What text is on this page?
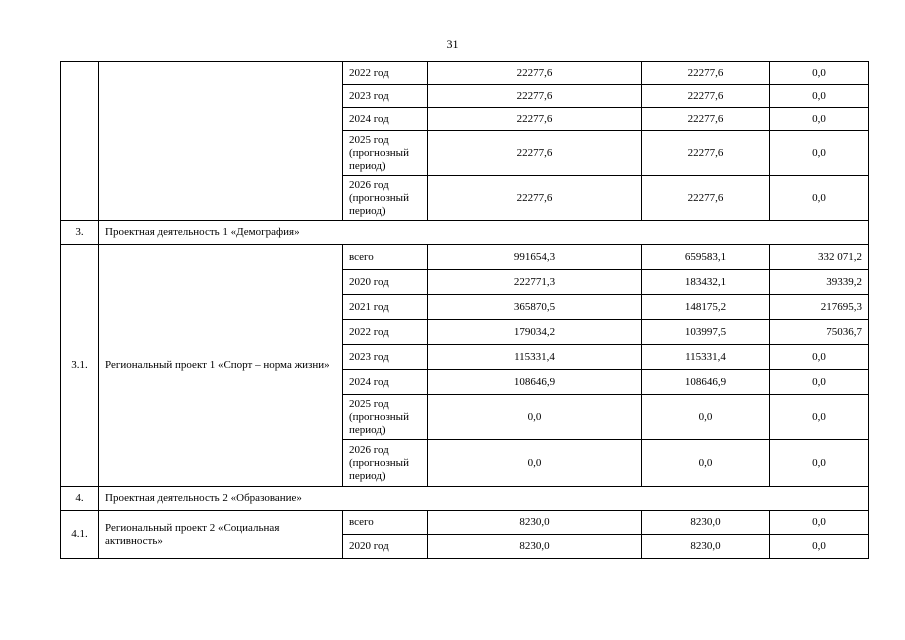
31
		2022 год	22277,6	22277,6	0,0
		2023 год	22277,6	22277,6	0,0
		2024 год	22277,6	22277,6	0,0
		2025 год (прогнозный период)	22277,6	22277,6	0,0
		2026 год (прогнозный период)	22277,6	22277,6	0,0
3.	Проектная деятельность 1 «Демография»				
3.1.	Региональный проект 1 «Спорт – норма жизни»	всего	991654,3	659583,1	332 071,2
		2020 год	222771,3	183432,1	39339,2
		2021 год	365870,5	148175,2	217695,3
		2022 год	179034,2	103997,5	75036,7
		2023 год	115331,4	115331,4	0,0
		2024 год	108646,9	108646,9	0,0
		2025 год (прогнозный период)	0,0	0,0	0,0
		2026 год (прогнозный период)	0,0	0,0	0,0
4.	Проектная деятельность 2 «Образование»				
4.1.	Региональный проект 2 «Социальная активность»	всего	8230,0	8230,0	0,0
		2020 год	8230,0	8230,0	0,0
